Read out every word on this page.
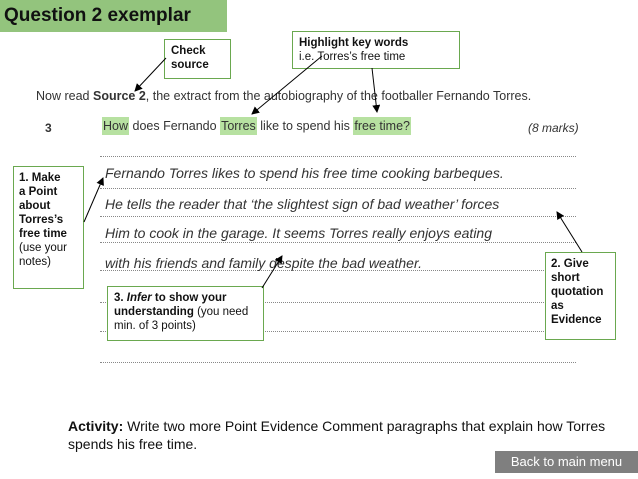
Question 2 exemplar
Check
source
Highlight key words
i.e. Torres’s free time
Now read Source 2, the extract from the autobiography of the footballer Fernando Torres.
3	How does Fernando Torres like to spend his free time?	(8 marks)
Fernando Torres likes to spend his free time cooking barbeques.
He tells the reader that ‘the slightest sign of bad weather’ forces
Him to cook in the garage. It seems Torres really enjoys eating
with his friends and family despite the bad weather.
1. Make
a Point
about
Torres’s
free time
(use your
notes)
3. Infer to show your understanding (you need min. of 3 points)
2. Give
short
quotation
as
Evidence
Activity: Write two more Point Evidence Comment paragraphs that explain how Torres spends his free time.
Back to main menu
